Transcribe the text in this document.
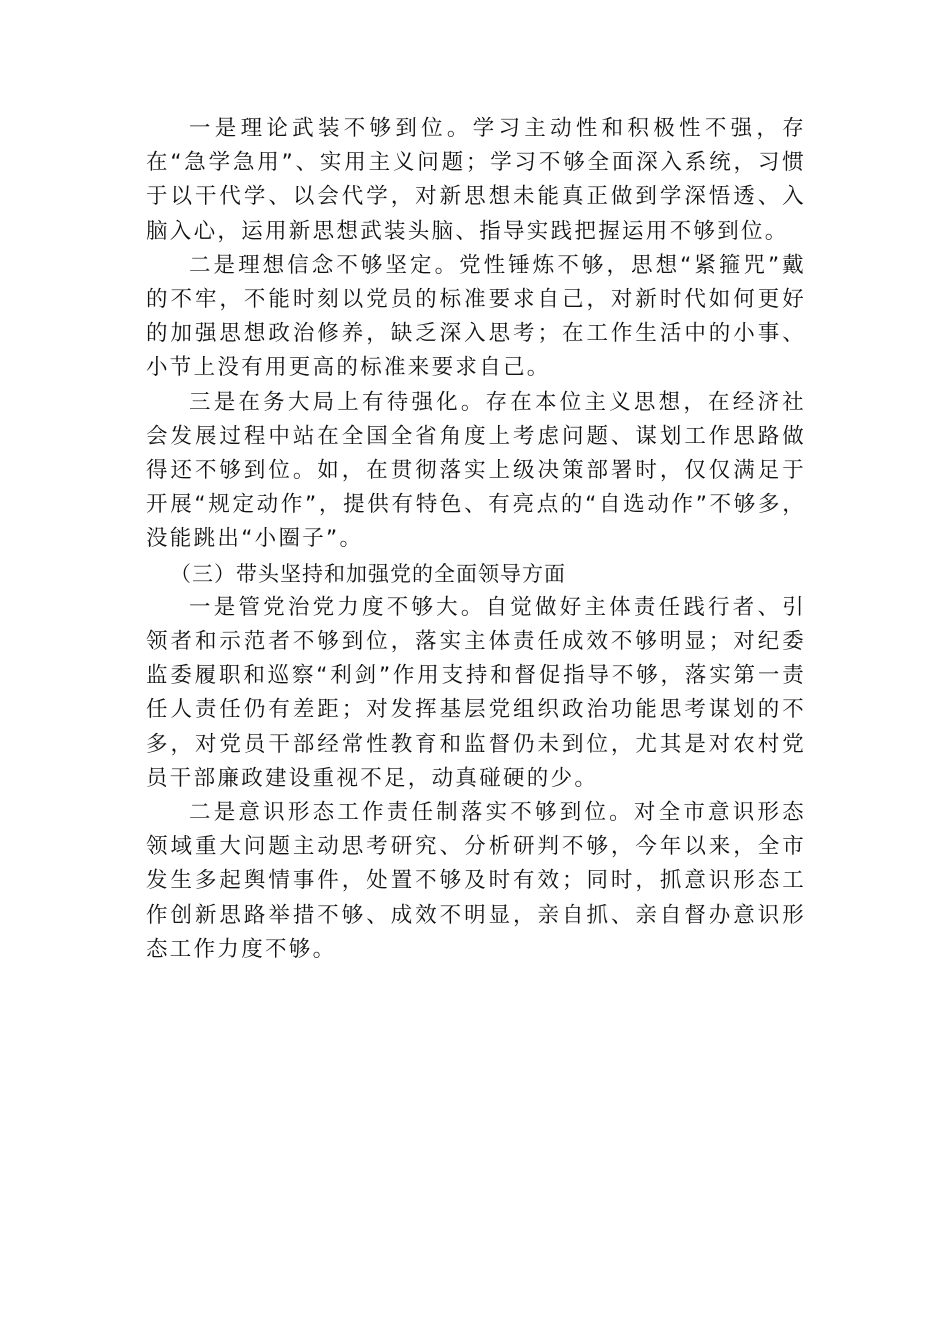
一是理论武装不够到位。学习主动性和积极性不强，存在“急学急用”、实用主义问题；学习不够全面深入系统，习惯于以干代学、以会代学，对新思想未能真正做到学深悟透、入脑入心，运用新思想武装头脑、指导实践把握运用不够到位。

二是理想信念不够坚定。党性锤炼不够，思想“紧箍咒”戴的不牢，不能时刻以党员的标准要求自己，对新时代如何更好的加强思想政治修养，缺乏深入思考；在工作生活中的小事、小节上没有用更高的标准来要求自己。

三是在务大局上有待强化。存在本位主义思想，在经济社会发展过程中站在全国全省角度上考虑问题、谋划工作思路做得还不够到位。如，在贯彻落实上级决策部署时，仅仅满足于开展“规定动作”，提供有特色、有亮点的“自选动作”不够多，没能跳出“小圈子”。

（三）带头坚持和加强党的全面领导方面

一是管党治党力度不够大。自觉做好主体责任践行者、引领者和示范者不够到位，落实主体责任成效不够明显；对纪委监委履职和巡察“利剑”作用支持和督促指导不够，落实第一责任人责任仍有差距；对发挥基层党组织政治功能思考谋划的不多，对党员干部经常性教育和监督仍未到位，尤其是对农村党员干部廉政建设重视不足，动真碰硬的少。

二是意识形态工作责任制落实不够到位。对全市意识形态领域重大问题主动思考研究、分析研判不够，今年以来，全市发生多起舆情事件，处置不够及时有效；同时，抓意识形态工作创新思路举措不够、成效不明显，亲自抓、亲自督办意识形态工作力度不够。
